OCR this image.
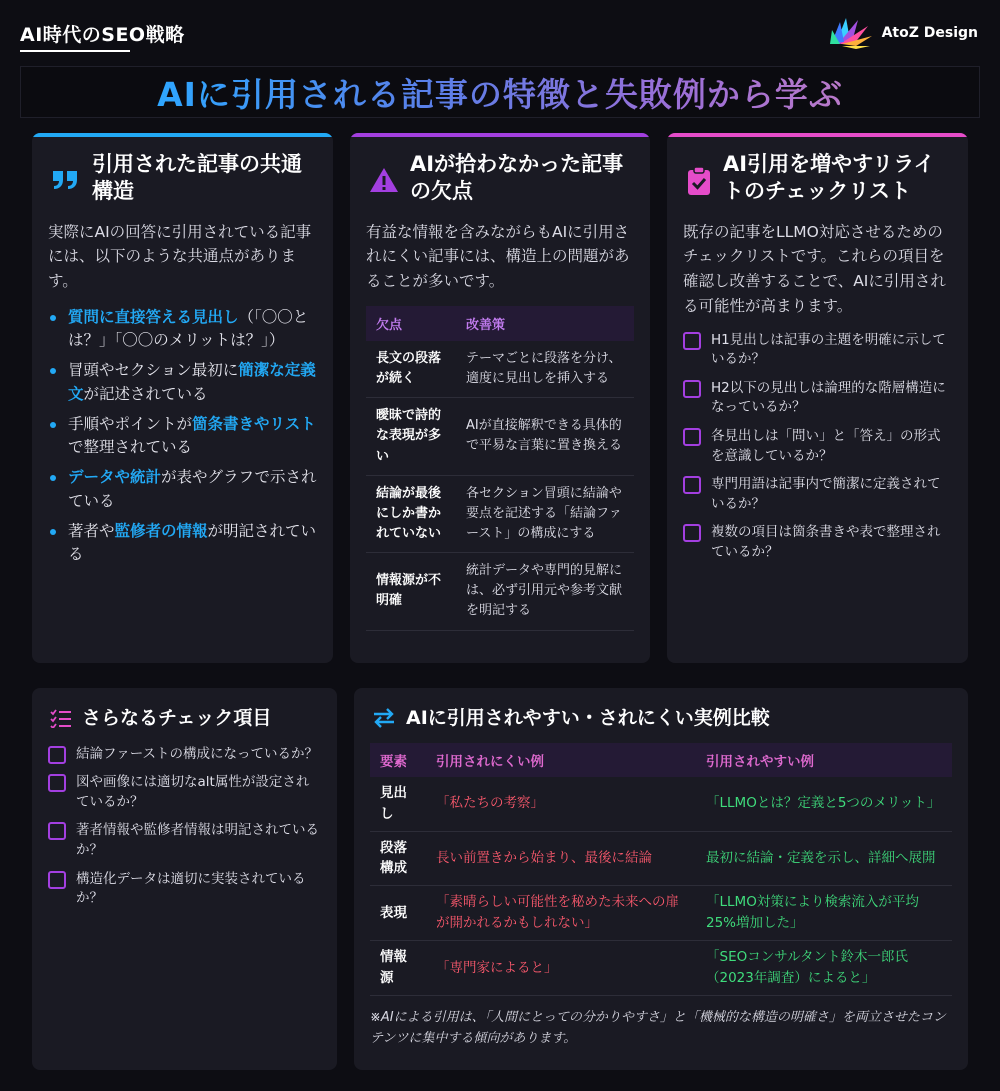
AI時代のSEO戦略	AtoZ Design
AIに引用される記事の特徴と失敗例から学ぶ
引用された記事の共通構造

実際にAIの回答に引用されている記事には、以下のような共通点があります。

質問に直接答える見出し（「〇〇とは？」「〇〇のメリットは？」）
冒頭やセクション最初に簡潔な定義文が記述されている
手順やポイントが箇条書きやリストで整理されている
データや統計が表やグラフで示されている
著者や監修者の情報が明記されている
AIが拾わなかった記事の欠点

有益な情報を含みながらもAIに引用されにくい記事には、構造上の問題があることが多いです。

欠点	改善策
長文の段落が続く	テーマごとに段落を分け、適度に見出しを挿入する
曖昧で詩的な表現が多い	AIが直接解釈できる具体的で平易な言葉に置き換える
結論が最後にしか書かれていない	各セクション冒頭に結論や要点を記述する「結論ファースト」の構成にする
情報源が不明確	統計データや専門的見解には、必ず引用元や参考文献を明記する
AI引用を増やすリライトのチェックリスト

既存の記事をLLMO対応させるためのチェックリストです。これらの項目を確認し改善することで、AIに引用される可能性が高まります。

H1見出しは記事の主題を明確に示しているか？
H2以下の見出しは論理的な階層構造になっているか？
各見出しは「問い」と「答え」の形式を意識しているか？
専門用語は記事内で簡潔に定義されているか？
複数の項目は箇条書きや表で整理されているか？
さらなるチェック項目
結論ファーストの構成になっているか？
図や画像には適切なalt属性が設定されているか？
著者情報や監修者情報は明記されているか？
構造化データは適切に実装されているか？
AIに引用されやすい・されにくい実例比較
要素	引用されにくい例	引用されやすい例
見出し	「私たちの考察」	「LLMOとは？定義と5つのメリット」
段落構成	長い前置きから始まり、最後に結論	最初に結論・定義を示し、詳細へ展開
表現	「素晴らしい可能性を秘めた未来への扉が開かれるかもしれない」	「LLMO対策により検索流入が平均25%増加した」
情報源	「専門家によると」	「SEOコンサルタント鈴木一郎氏（2023年調査）によると」

※AIによる引用は、「人間にとっての分かりやすさ」と「機械的な構造の明確さ」を両立させたコンテンツに集中する傾向があります。
